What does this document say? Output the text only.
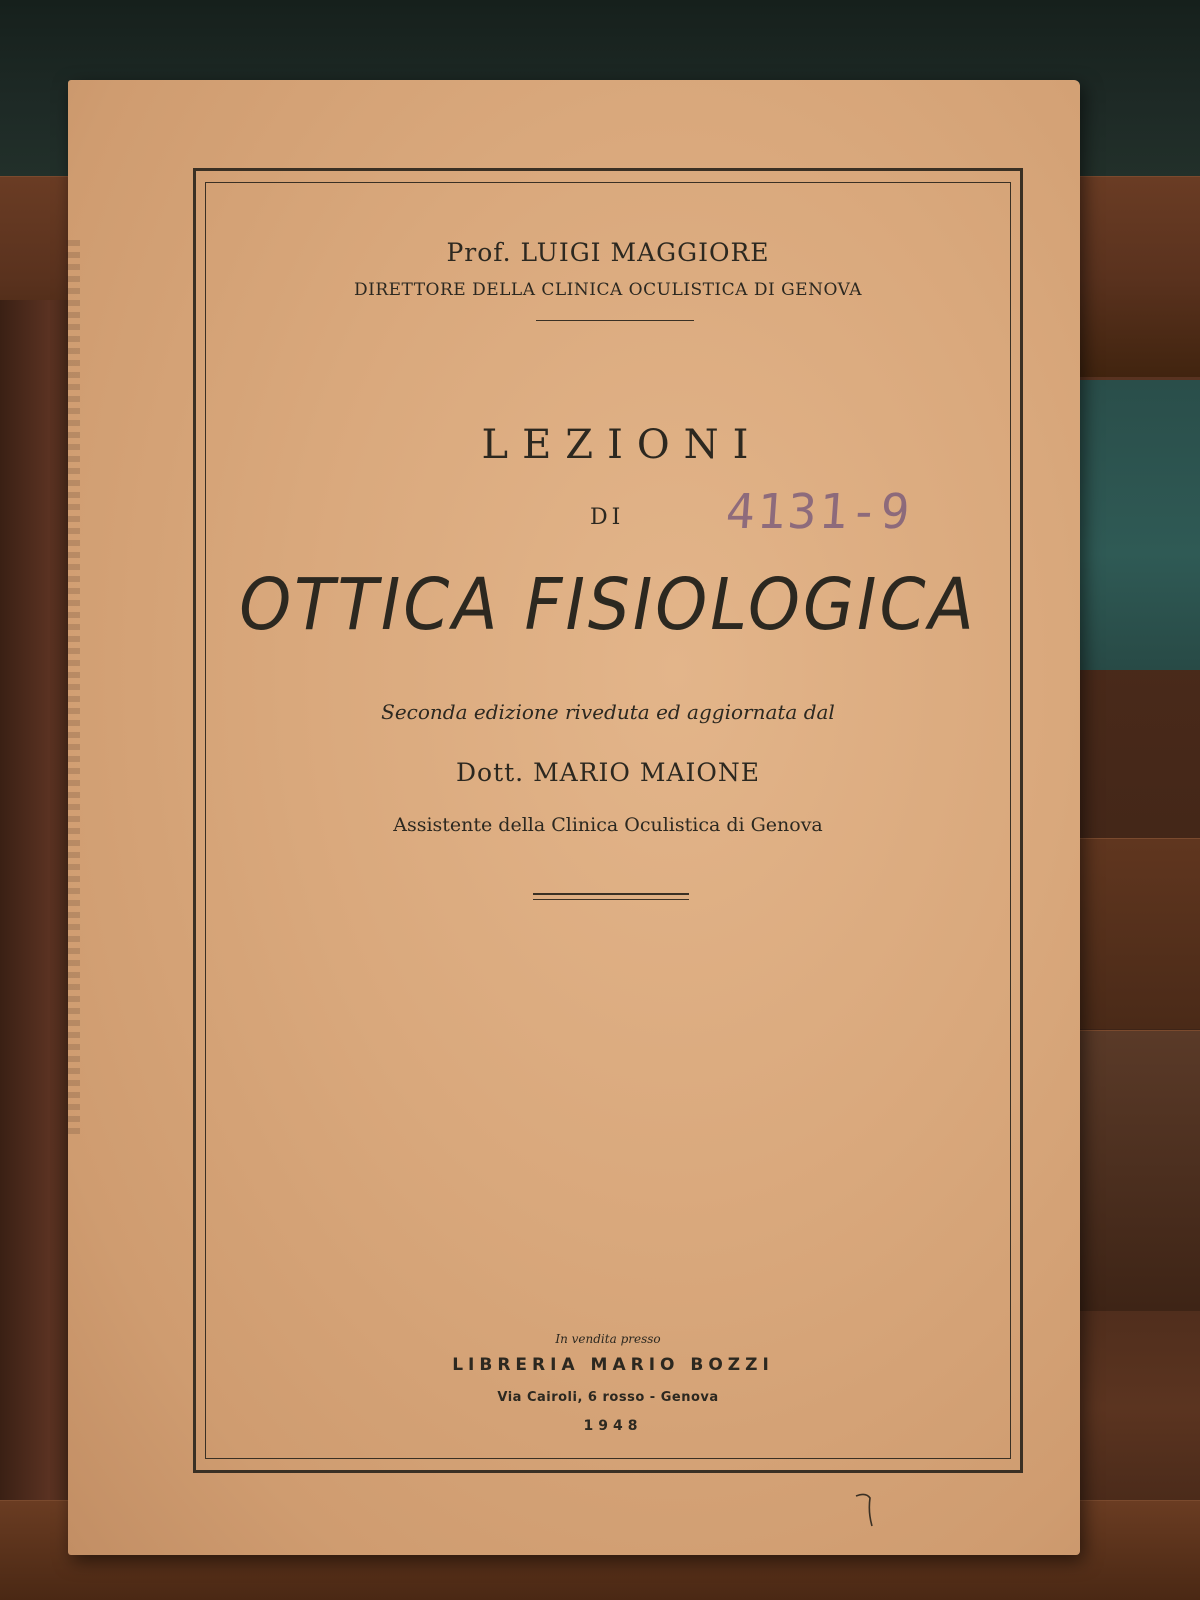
Prof. LUIGI MAGGIORE
DIRETTORE DELLA CLINICA OCULISTICA DI GENOVA
LEZIONI
DI	4131-9
OTTICA FISIOLOGICA
Seconda edizione riveduta ed aggiornata dal
Dott. MARIO MAIONE
Assistente della Clinica Oculistica di Genova
In vendita presso
LIBRERIA MARIO BOZZI
Via Cairoli, 6 rosso - Genova
1948
